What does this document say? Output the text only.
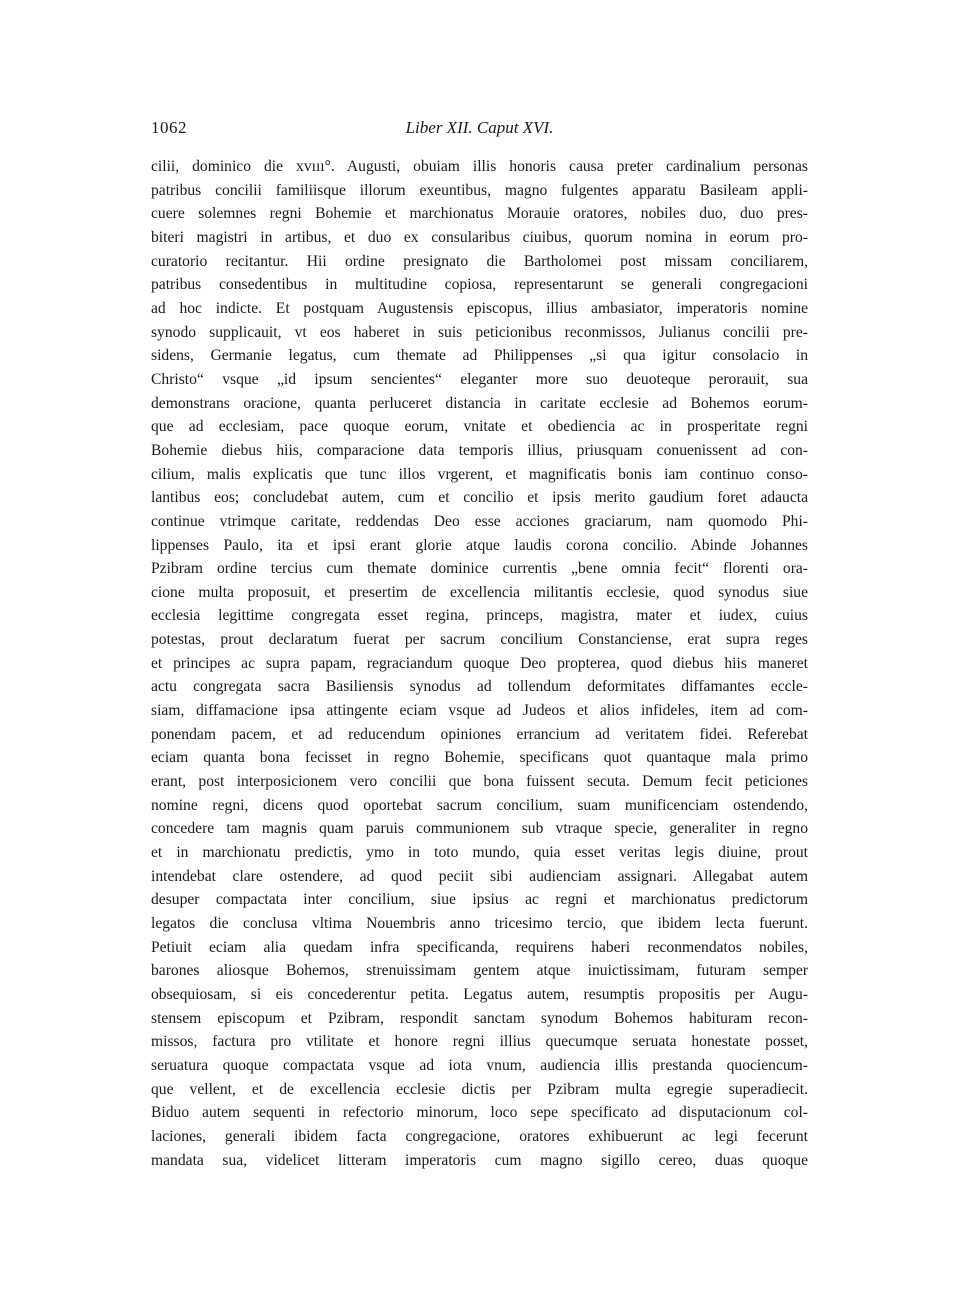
1062	Liber XII. Caput XVI.
cilii, dominico die xvııı°. Augusti, obuiam illis honoris causa preter cardinalium personas
patribus concilii familiisque illorum exeuntibus, magno fulgentes apparatu Basileam appli-
cuere solemnes regni Bohemie et marchionatus Morauie oratores, nobiles duo, duo pres-
biteri magistri in artibus, et duo ex consularibus ciuibus, quorum nomina in eorum pro-
curatorio recitantur. Hii ordine presignato die Bartholomei post missam conciliarem,
patribus consedentibus in multitudine copiosa, representarunt se generali congregacioni
ad hoc indicte. Et postquam Augustensis episcopus, illius ambasiator, imperatoris nomine
synodo supplicauit, vt eos haberet in suis peticionibus reconmissos, Julianus concilii pre-
sidens, Germanie legatus, cum themate ad Philippenses „si qua igitur consolacio in
Christo“ vsque „id ipsum sencientes“ eleganter more suo deuoteque perorauit, sua
demonstrans oracione, quanta perluceret distancia in caritate ecclesie ad Bohemos eorum-
que ad ecclesiam, pace quoque eorum, vnitate et obediencia ac in prosperitate regni
Bohemie diebus hiis, comparacione data temporis illius, priusquam conuenissent ad con-
cilium, malis explicatis que tunc illos vrgerent, et magnificatis bonis iam continuo conso-
lantibus eos; concludebat autem, cum et concilio et ipsis merito gaudium foret adaucta
continue vtrimque caritate, reddendas Deo esse acciones graciarum, nam quomodo Phi-
lippenses Paulo, ita et ipsi erant glorie atque laudis corona concilio. Abinde Johannes
Pzibram ordine tercius cum themate dominice currentis „bene omnia fecit“ florenti ora-
cione multa proposuit, et presertim de excellencia militantis ecclesie, quod synodus siue
ecclesia legittime congregata esset regina, princeps, magistra, mater et iudex, cuius
potestas, prout declaratum fuerat per sacrum concilium Constanciense, erat supra reges
et principes ac supra papam, regraciandum quoque Deo propterea, quod diebus hiis maneret
actu congregata sacra Basiliensis synodus ad tollendum deformitates diffamantes eccle-
siam, diffamacione ipsa attingente eciam vsque ad Judeos et alios infideles, item ad com-
ponendam pacem, et ad reducendum opiniones errancium ad veritatem fidei. Referebat
eciam quanta bona fecisset in regno Bohemie, specificans quot quantaque mala primo
erant, post interposicionem vero concilii que bona fuissent secuta. Demum fecit peticiones
nomine regni, dicens quod oportebat sacrum concilium, suam munificenciam ostendendo,
concedere tam magnis quam paruis communionem sub vtraque specie, generaliter in regno
et in marchionatu predictis, ymo in toto mundo, quia esset veritas legis diuine, prout
intendebat clare ostendere, ad quod peciit sibi audienciam assignari. Allegabat autem
desuper compactata inter concilium, siue ipsius ac regni et marchionatus predictorum
legatos die conclusa vltima Nouembris anno tricesimo tercio, que ibidem lecta fuerunt.
Petiuit eciam alia quedam infra specificanda, requirens haberi reconmendatos nobiles,
barones aliosque Bohemos, strenuissimam gentem atque inuictissimam, futuram semper
obsequiosam, si eis concederentur petita. Legatus autem, resumptis propositis per Augu-
stensem episcopum et Pzibram, respondit sanctam synodum Bohemos habituram recon-
missos, factura pro vtilitate et honore regni illius quecumque seruata honestate posset,
seruatura quoque compactata vsque ad iota vnum, audiencia illis prestanda quociencum-
que vellent, et de excellencia ecclesie dictis per Pzibram multa egregie superadiecit.
Biduo autem sequenti in refectorio minorum, loco sepe specificato ad disputacionum col-
laciones, generali ibidem facta congregacione, oratores exhibuerunt ac legi fecerunt
mandata sua, videlicet litteram imperatoris cum magno sigillo cereo, duas quoque
